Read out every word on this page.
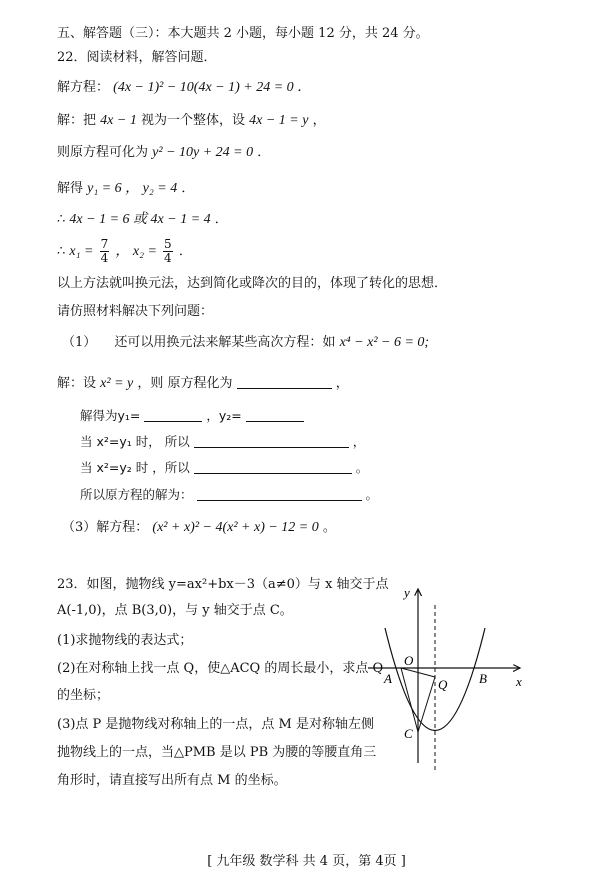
五、解答题（三）：本大题共 2 小题，每小题 12 分，共 24 分。
22．阅读材料，解答问题．
解方程： (4x − 1)² − 10(4x − 1) + 24 = 0 ．
解：把 4x − 1 视为一个整体，设 4x − 1 = y ，
则原方程可化为 y² − 10y + 24 = 0 ．
解得 y₁ = 6 ， y₂ = 4 ．
∴ 4x − 1 = 6 或 4x − 1 = 4 ．
∴ $x_1 = \frac{7}{4}$ ， $x_2 = \frac{5}{4}$ ．
以上方法就叫换元法，达到简化或降次的目的，体现了转化的思想．
请仿照材料解决下列问题：
（1） 还可以用换元法来解某些高次方程：如 x⁴ − x² − 6 = 0;
解：设 x² = y ，则 原方程化为	，
解得为y₁=	，y₂=
当 x²=y₁ 时， 所以	，
当 x²=y₂ 时 ，所以	。
所以原方程的解为：	。
（3）解方程： (x² + x)² − 4(x² + x) − 12 = 0 。
23．如图，抛物线 y=ax²+bx－3（a≠0）与 x 轴交于点
A(-1,0)，点 B(3,0)，与 y 轴交于点 C。
(1)求抛物线的表达式；
(2)在对称轴上找一点 Q，使△ACQ 的周长最小，求点 Q
的坐标；
(3)点 P 是抛物线对称轴上的一点，点 M 是对称轴左侧
抛物线上的一点，当△PMB 是以 PB 为腰的等腰直角三
角形时，请直接写出所有点 M 的坐标。
y
x
O
A	B
C
Q
[ 九年级 数学科 共 4 页，第 4页 ]
